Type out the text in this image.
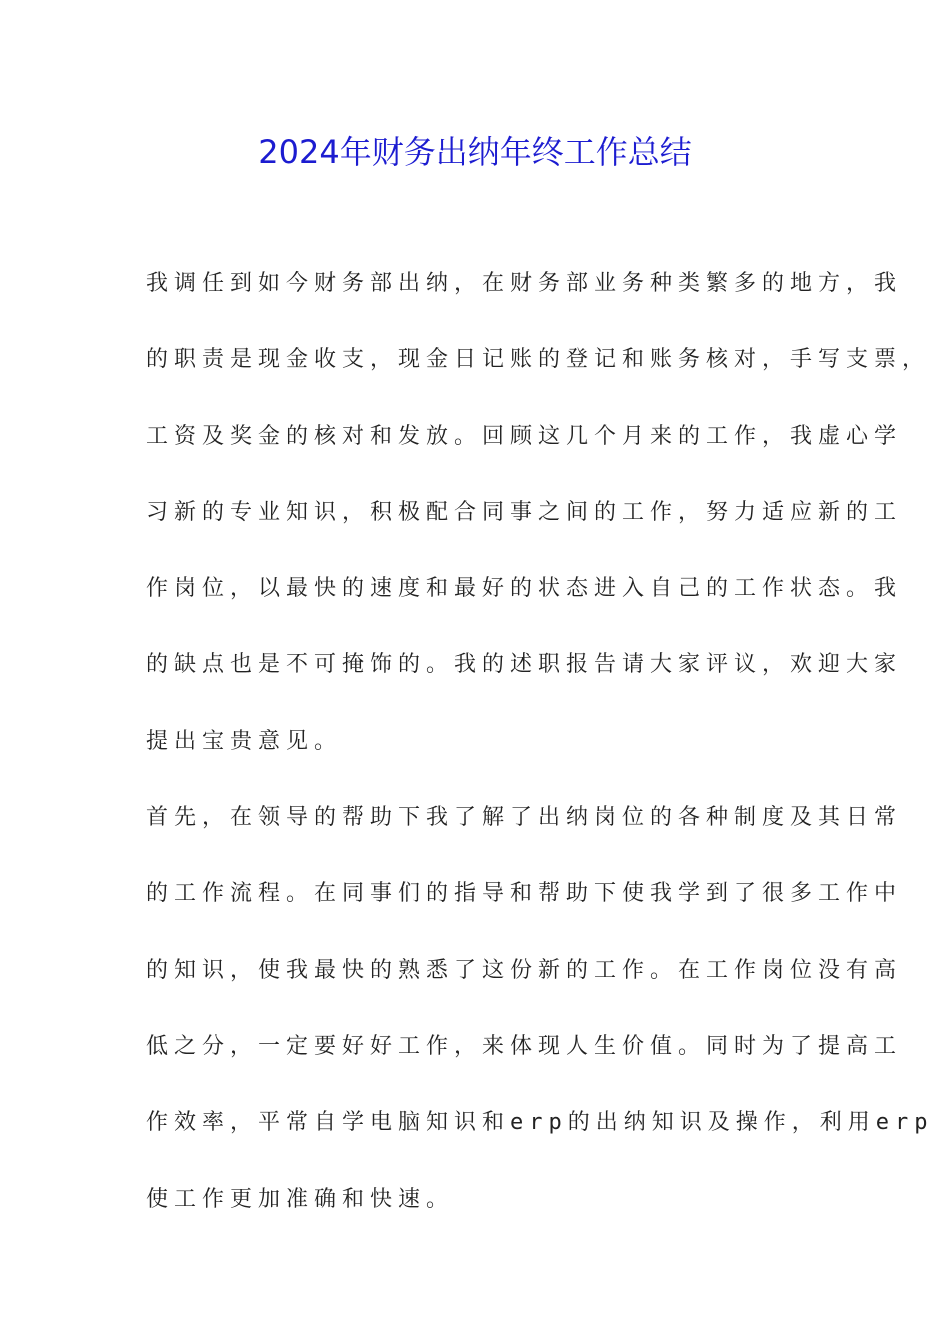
2024年财务出纳年终工作总结
我调任到如今财务部出纳，在财务部业务种类繁多的地方，我
的职责是现金收支，现金日记账的登记和账务核对，手写支票，
工资及奖金的核对和发放。回顾这几个月来的工作，我虚心学
习新的专业知识，积极配合同事之间的工作，努力适应新的工
作岗位，以最快的速度和最好的状态进入自己的工作状态。我
的缺点也是不可掩饰的。我的述职报告请大家评议，欢迎大家
提出宝贵意见。
首先，在领导的帮助下我了解了出纳岗位的各种制度及其日常
的工作流程。在同事们的指导和帮助下使我学到了很多工作中
的知识，使我最快的熟悉了这份新的工作。在工作岗位没有高
低之分，一定要好好工作，来体现人生价值。同时为了提高工
作效率，平常自学电脑知识和erp的出纳知识及操作，利用erp
使工作更加准确和快速。
